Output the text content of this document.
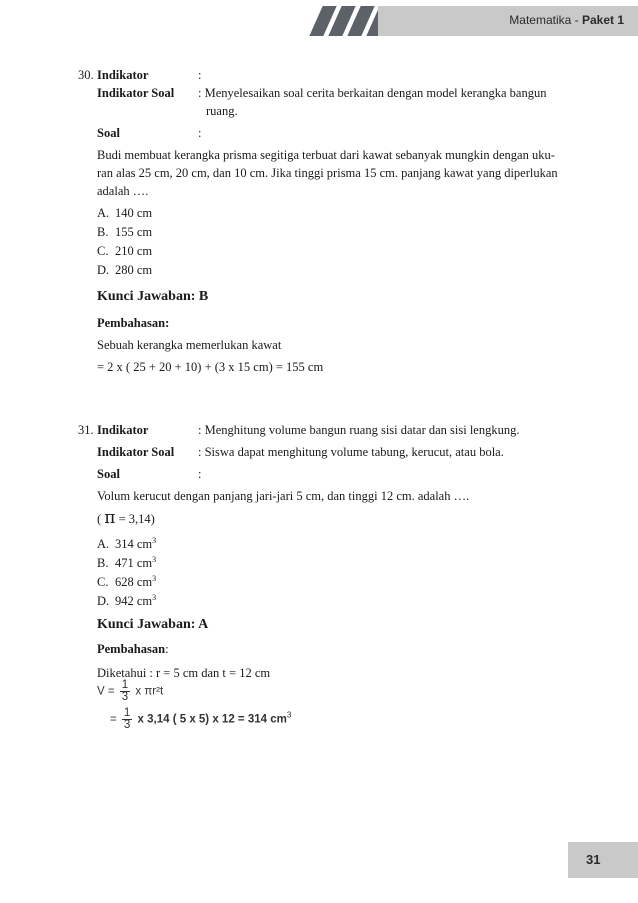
Matematika - Paket 1
30. Indikator	:
Indikator Soal : Menyelesaikan soal cerita berkaitan dengan model kerangka bangun
ruang.
Soal	:
Budi membuat kerangka prisma segitiga terbuat dari kawat sebanyak mungkin dengan uku-
ran alas 25 cm, 20 cm, dan 10 cm. Jika tinggi prisma 15 cm. panjang kawat yang diperlukan
adalah ….
A. 140 cm
B. 155 cm
C. 210 cm
D. 280 cm
Kunci Jawaban: B
Pembahasan:
Sebuah kerangka memerlukan kawat
= 2 x ( 25 + 20 + 10) + (3 x 15 cm) = 155 cm
31. Indikator	: Menghitung volume bangun ruang sisi datar dan sisi lengkung.
Indikator Soal : Siswa dapat menghitung volume tabung, kerucut, atau bola.
Soal	:
Volum kerucut dengan panjang jari-jari 5 cm, dan tinggi 12 cm. adalah ….
( π = 3,14)
A. 314 $cm^3$
B. 471 $cm^3$
C. 628 $cm^3$
D. 942 $cm^3$
Kunci Jawaban: A
Pembahasan:
Diketahui : r = 5 cm dan t = 12 cm
$V = \frac{1}{3}$ x πr²t
= $\frac{1}{3}$ x 3,14 ( 5 x 5) x 12 = 314 $cm^3$
31
